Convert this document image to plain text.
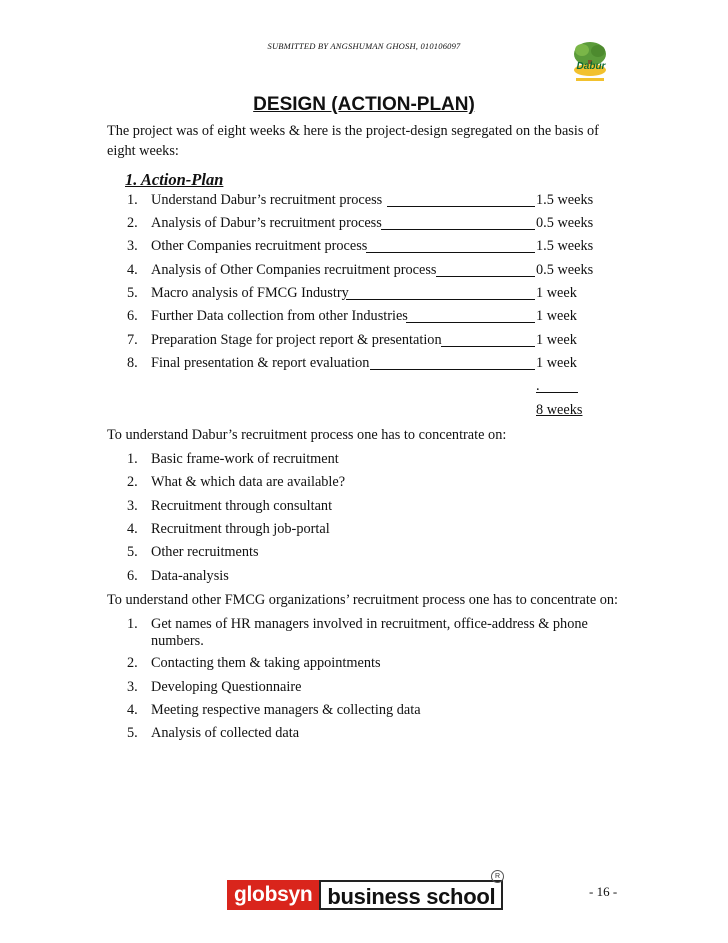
SUBMITTED BY ANGSHUMAN GHOSH, 010106097
Dabur
DESIGN (ACTION-PLAN)
The project was of eight weeks & here is the project-design segregated on the basis of eight weeks:
1. Action-Plan
1. Understand Dabur’s recruitment process	1.5 weeks
2. Analysis of Dabur’s recruitment process	0.5 weeks
3. Other Companies recruitment process	1.5 weeks
4. Analysis of Other Companies recruitment process	0.5 weeks
5. Macro analysis of FMCG Industry	1 week
6. Further Data collection from other Industries	1 week
7. Preparation Stage for project report & presentation	1 week
8. Final presentation & report evaluation	1 week
.
8 weeks
To understand Dabur’s recruitment process one has to concentrate on:
1. Basic frame-work of recruitment
2. What & which data are available?
3. Recruitment through consultant
4. Recruitment through job-portal
5. Other recruitments
6. Data-analysis
To understand other FMCG organizations’ recruitment process one has to concentrate on:
1. Get names of HR managers involved in recruitment, office-address & phone numbers.
2. Contacting them & taking appointments
3. Developing Questionnaire
4. Meeting respective managers & collecting data
5. Analysis of collected data
globsyn business school
R
- 16 -
